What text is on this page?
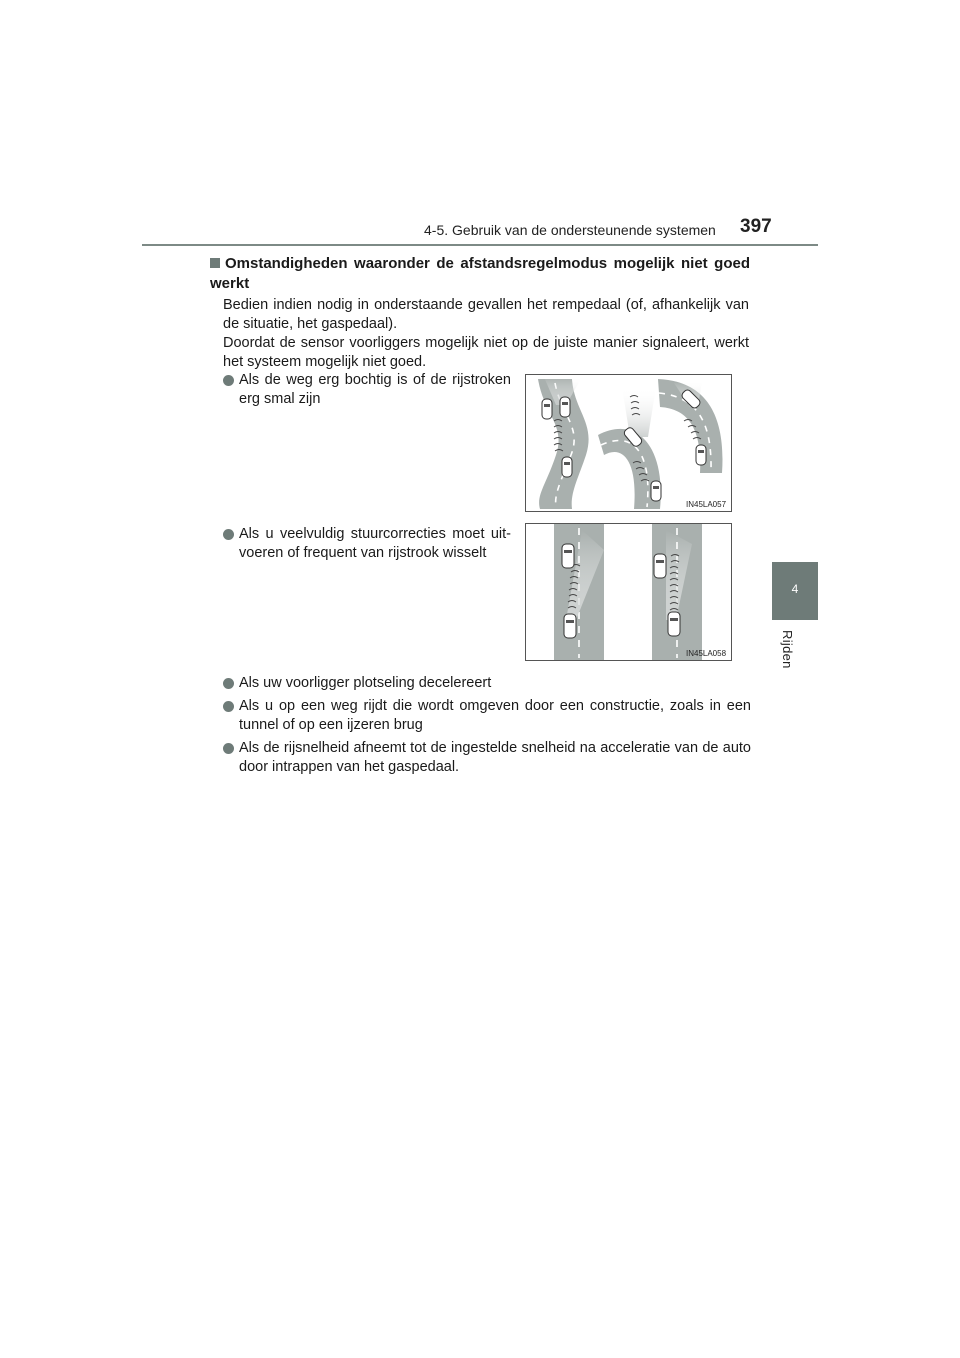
4-5. Gebruik van de ondersteunende systemen 397
4
Rijden
Omstandigheden waaronder de afstandsregelmodus mogelijk niet goed werkt
Bedien indien nodig in onderstaande gevallen het rempedaal (of, afhankelijk van de situatie, het gaspedaal).
Doordat de sensor voorliggers mogelijk niet op de juiste manier signaleert, werkt het systeem mogelijk niet goed.
Als de weg erg bochtig is of de rijstroken erg smal zijn
IN45LA057
Als u veelvuldig stuurcorrecties moet uit-voeren of frequent van rijstrook wisselt
IN45LA058
Als uw voorligger plotseling decelereert
Als u op een weg rijdt die wordt omgeven door een constructie, zoals in een tunnel of op een ijzeren brug
Als de rijsnelheid afneemt tot de ingestelde snelheid na acceleratie van de auto door intrappen van het gaspedaal.
